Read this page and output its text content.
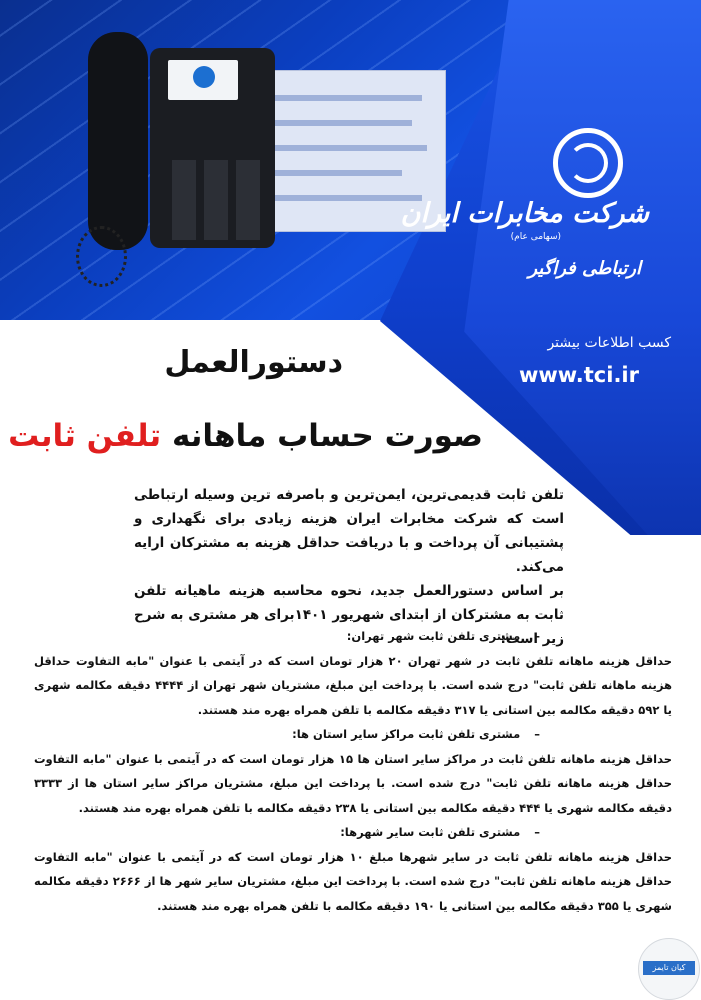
شرکت مخابرات ایران
(سهامی عام)
ارتباطی فراگیر
کسب اطلاعات بیشتر
www.tci.ir
دستورالعمل
صورت حساب ماهانه تلفن ثابت
تلفن ثابت قدیمی‌ترین، ایمن‌ترین و باصرفه ترین وسیله ارتباطی است که شرکت مخابرات ایران هزینه زیادی برای نگهداری و پشتیبانی آن پرداخت و با دریافت حداقل هزینه به مشترکان ارایه می‌کند.
بر اساس دستورالعمل جدید، نحوه محاسبه هزینه ماهیانه تلفن ثابت به مشترکان از ابتدای شهریور ۱۴۰۱برای هر مشتری به شرح زیر است:
– مشتری تلفن ثابت شهر تهران:
حداقل هزینه ماهانه تلفن ثابت در شهر تهران ۲۰ هزار تومان است که در آیتمی با عنوان "مابه التفاوت حداقل هزینه ماهانه تلفن ثابت" درج شده است. با پرداخت این مبلغ، مشتریان شهر تهران از ۴۴۴۴ دقیقه مکالمه شهری یا ۵۹۲ دقیقه مکالمه بین استانی یا ۳۱۷ دقیقه مکالمه با تلفن همراه بهره مند هستند.
– مشتری تلفن ثابت مراکز سایر استان ها:
حداقل هزینه ماهانه تلفن ثابت در مراکز سایر استان ها ۱۵ هزار تومان است که در آیتمی با عنوان "مابه التفاوت حداقل هزینه ماهانه تلفن ثابت" درج شده است. با پرداخت این مبلغ، مشتریان مراکز سایر استان ها از ۳۳۳۳ دقیقه مکالمه شهری یا ۴۴۴ دقیقه مکالمه بین استانی یا ۲۳۸ دقیقه مکالمه با تلفن همراه بهره مند هستند.
– مشتری تلفن ثابت سایر شهرها:
حداقل هزینه ماهانه تلفن ثابت در سایر شهرها مبلغ ۱۰ هزار تومان است که در آیتمی با عنوان "مابه التفاوت حداقل هزینه ماهانه تلفن ثابت" درج شده است. با پرداخت این مبلغ، مشتریان سایر شهر ها از ۲۶۶۶ دقیقه مکالمه شهری یا ۳۵۵ دقیقه مکالمه بین استانی یا ۱۹۰ دقیقه مکالمه با تلفن همراه بهره مند هستند.
کیان تایمز
